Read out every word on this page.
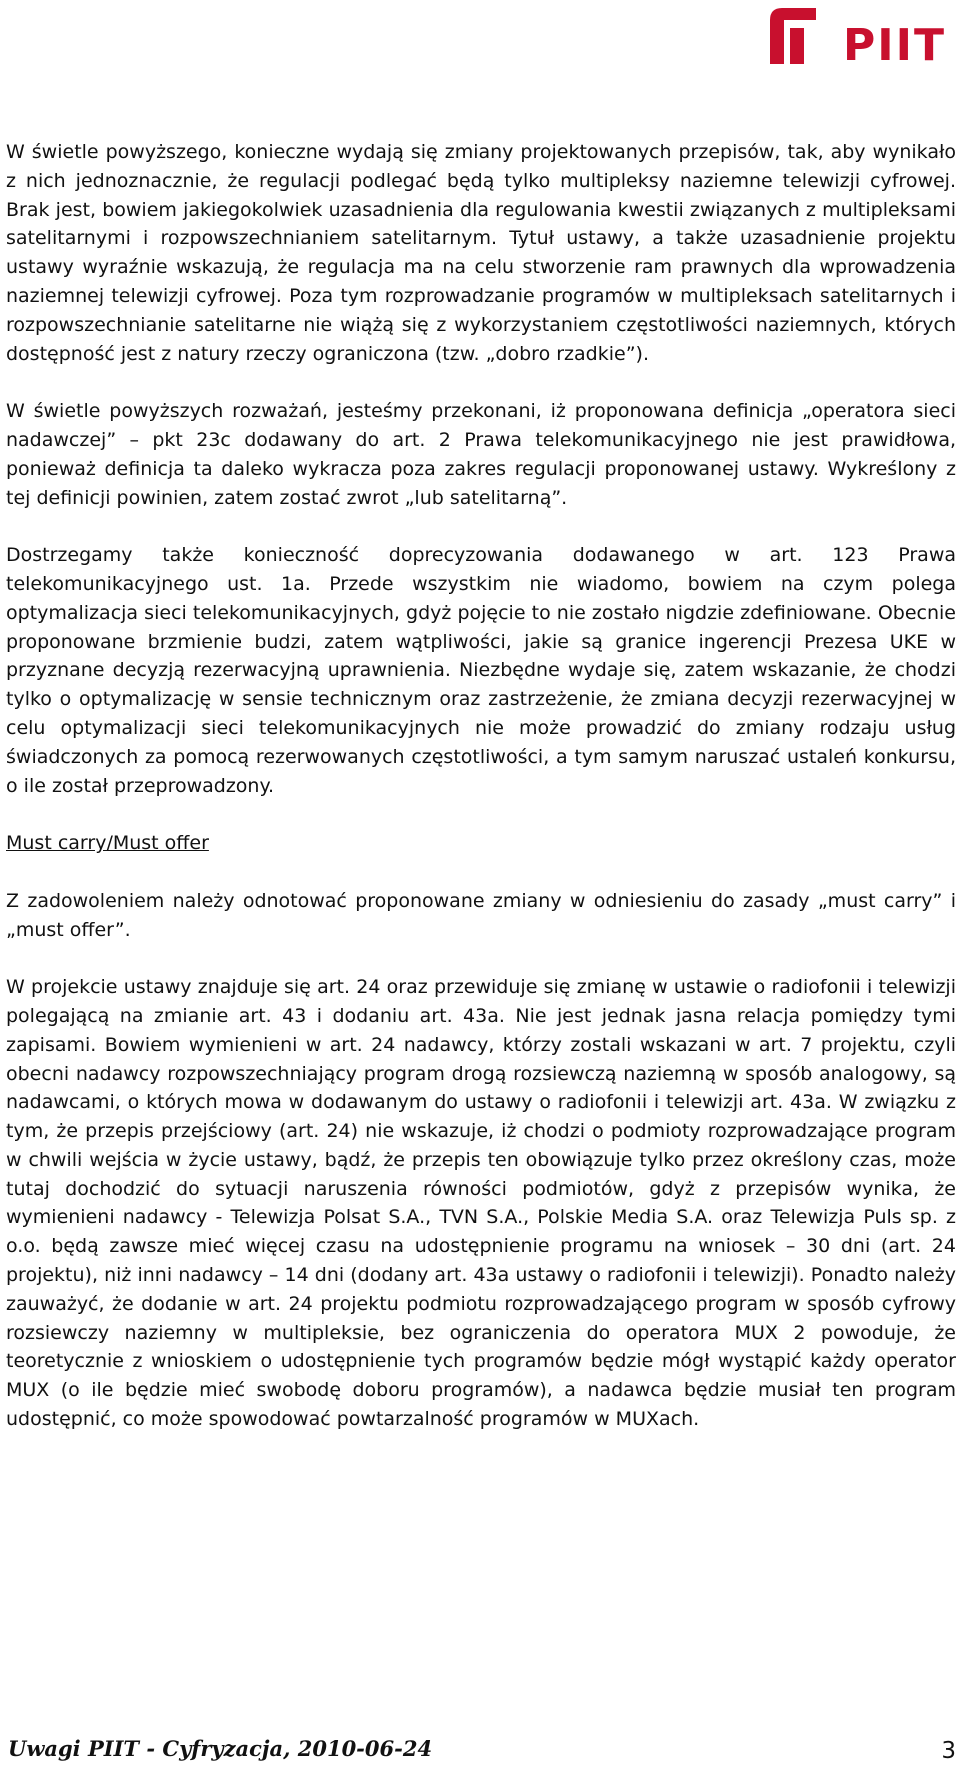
PIIT

W świetle powyższego, konieczne wydają się zmiany projektowanych przepisów, tak, aby wynikało z nich jednoznacznie, że regulacji podlegać będą tylko multipleksy naziemne telewizji cyfrowej. Brak jest, bowiem jakiegokolwiek uzasadnienia dla regulowania kwestii związanych z multipleksami satelitarnymi i rozpowszechnianiem satelitarnym. Tytuł ustawy, a także uzasadnienie projektu ustawy wyraźnie wskazują, że regulacja ma na celu stworzenie ram prawnych dla wprowadzenia naziemnej telewizji cyfrowej. Poza tym rozprowadzanie programów w multipleksach satelitarnych i rozpowszechnianie satelitarne nie wiążą się z wykorzystaniem częstotliwości naziemnych, których dostępność jest z natury rzeczy ograniczona (tzw. „dobro rzadkie”).

W świetle powyższych rozważań, jesteśmy przekonani, iż proponowana definicja „operatora sieci nadawczej” – pkt 23c dodawany do art. 2 Prawa telekomunikacyjnego nie jest prawidłowa, ponieważ definicja ta daleko wykracza poza zakres regulacji proponowanej ustawy. Wykreślony z tej definicji powinien, zatem zostać zwrot „lub satelitarną”.

Dostrzegamy także konieczność doprecyzowania dodawanego w art. 123 Prawa telekomunikacyjnego ust. 1a. Przede wszystkim nie wiadomo, bowiem na czym polega optymalizacja sieci telekomunikacyjnych, gdyż pojęcie to nie zostało nigdzie zdefiniowane. Obecnie proponowane brzmienie budzi, zatem wątpliwości, jakie są granice ingerencji Prezesa UKE w przyznane decyzją rezerwacyjną uprawnienia. Niezbędne wydaje się, zatem wskazanie, że chodzi tylko o optymalizację w sensie technicznym oraz zastrzeżenie, że zmiana decyzji rezerwacyjnej w celu optymalizacji sieci telekomunikacyjnych nie może prowadzić do zmiany rodzaju usług świadczonych za pomocą rezerwowanych częstotliwości, a tym samym naruszać ustaleń konkursu, o ile został przeprowadzony.

Must carry/Must offer

Z zadowoleniem należy odnotować proponowane zmiany w odniesieniu do zasady „must carry” i „must offer”.

W projekcie ustawy znajduje się art. 24 oraz przewiduje się zmianę w ustawie o radiofonii i telewizji polegającą na zmianie art. 43 i dodaniu art. 43a. Nie jest jednak jasna relacja pomiędzy tymi zapisami. Bowiem wymienieni w art. 24 nadawcy, którzy zostali wskazani w art. 7 projektu, czyli obecni nadawcy rozpowszechniający program drogą rozsiewczą naziemną w sposób analogowy, są nadawcami, o których mowa w dodawanym do ustawy o radiofonii i telewizji art. 43a. W związku z tym, że przepis przejściowy (art. 24) nie wskazuje, iż chodzi o podmioty rozprowadzające program w chwili wejścia w życie ustawy, bądź, że przepis ten obowiązuje tylko przez określony czas, może tutaj dochodzić do sytuacji naruszenia równości podmiotów, gdyż z przepisów wynika, że wymienieni nadawcy - Telewizja Polsat S.A., TVN S.A., Polskie Media S.A. oraz Telewizja Puls sp. z o.o. będą zawsze mieć więcej czasu na udostępnienie programu na wniosek – 30 dni (art. 24 projektu), niż inni nadawcy – 14 dni (dodany art. 43a ustawy o radiofonii i telewizji). Ponadto należy zauważyć, że dodanie w art. 24 projektu podmiotu rozprowadzającego program w sposób cyfrowy rozsiewczy naziemny w multipleksie, bez ograniczenia do operatora MUX 2 powoduje, że teoretycznie z wnioskiem o udostępnienie tych programów będzie mógł wystąpić każdy operator MUX (o ile będzie mieć swobodę doboru programów), a nadawca będzie musiał ten program udostępnić, co może spowodować powtarzalność programów w MUXach.

Uwagi PIIT - Cyfryzacja, 2010-06-24	3
